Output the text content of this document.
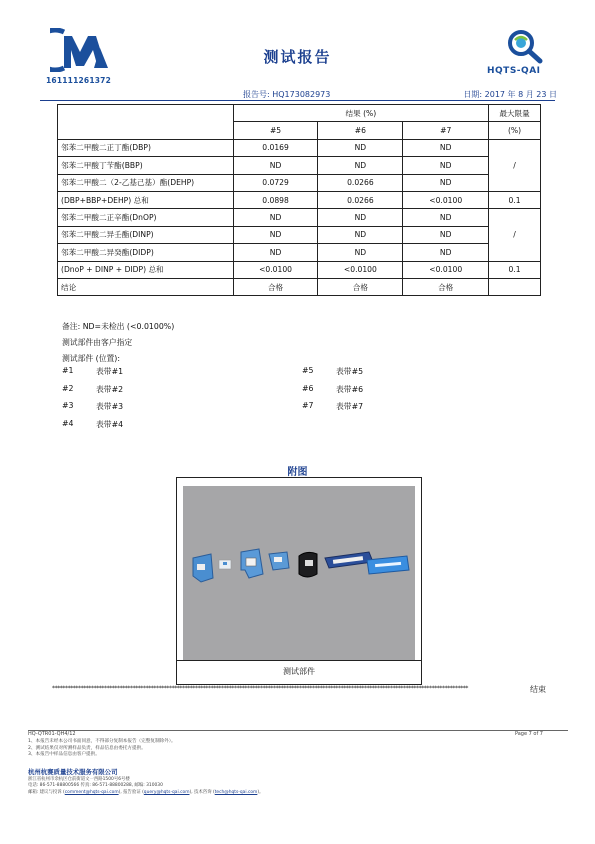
161111261372
测试报告
HQTS-QAI
报告号: HQ173082973	日期: 2017 年 8 月 23 日
	结果 (%)			最大限量
	#5	#6	#7	(%)
邻苯二甲酸二正丁酯(DBP)	0.0169	ND	ND	/
邻苯二甲酸丁苄酯(BBP)	ND	ND	ND	
邻苯二甲酸二（2-乙基己基）酯(DEHP)	0.0729	0.0266	ND	
(DBP+BBP+DEHP) 总和	0.0898	0.0266	<0.0100	0.1
邻苯二甲酸二正辛酯(DnOP)	ND	ND	ND	/
邻苯二甲酸二异壬酯(DINP)	ND	ND	ND	
邻苯二甲酸二异癸酯(DIDP)	ND	ND	ND	
(DnoP + DINP + DIDP) 总和	<0.0100	<0.0100	<0.0100	0.1
结论	合格	合格	合格	
备注: ND=未检出 (<0.0100%)
测试部件由客户指定
测试部件 (位置):
#1	表带#1
#2	表带#2
#3	表带#3
#4	表带#4
#5	表带#5
#6	表带#6
#7	表带#7
附图
测试部件
****************************************************************************************************************************************************************	结束
HQ-QTR01-QH4/12	Page 7 of 7
1、本报告未经本公司书面同意，不得部分复制本报告（完整复制除外）。
2、测试结果仅对所测样品负责，样品信息由委托方提供。
3、本报告中样品信息由客户提供。
杭州杭赛质量技术服务有限公司
浙江省杭州市余杭区仓前街道文一西路1500号6号楼
电话: 86-571-88800566 传真: 86-571-88800288, 邮编: 310030
邮箱: 建议与投诉 (comment@hqts-qai.com), 报告验证 (query@hqts-qai.com), 技术咨询 (tech@hqts-qai.com)。
